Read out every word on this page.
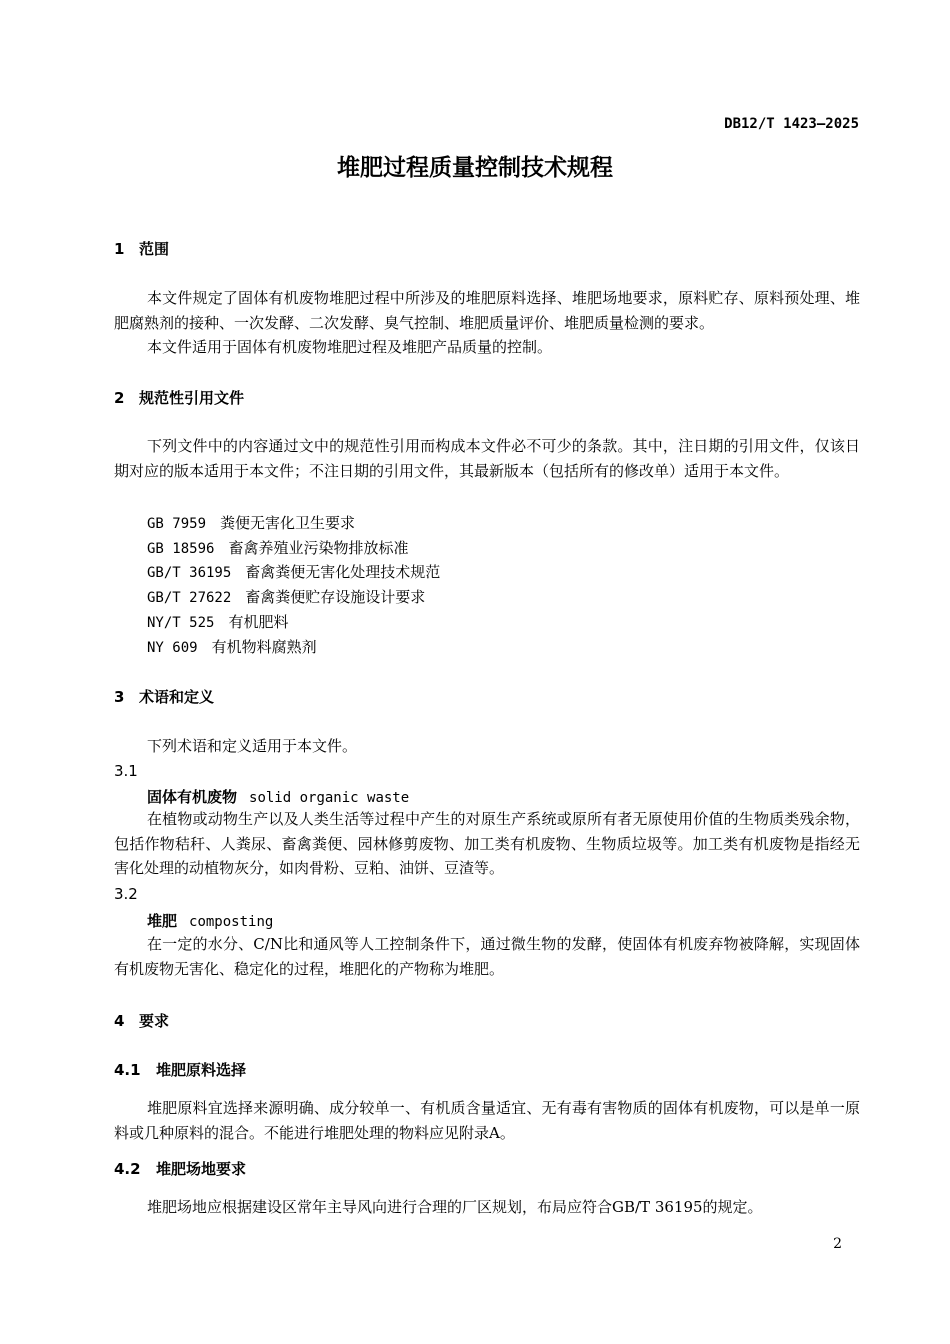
DB12/T 1423—2025
堆肥过程质量控制技术规程
1 范围
本文件规定了固体有机废物堆肥过程中所涉及的堆肥原料选择、堆肥场地要求，原料贮存、原料预处理、堆肥腐熟剂的接种、一次发酵、二次发酵、臭气控制、堆肥质量评价、堆肥质量检测的要求。
本文件适用于固体有机废物堆肥过程及堆肥产品质量的控制。
2 规范性引用文件
下列文件中的内容通过文中的规范性引用而构成本文件必不可少的条款。其中，注日期的引用文件，仅该日期对应的版本适用于本文件；不注日期的引用文件，其最新版本（包括所有的修改单）适用于本文件。
GB 7959 粪便无害化卫生要求
GB 18596 畜禽养殖业污染物排放标准
GB/T 36195 畜禽粪便无害化处理技术规范
GB/T 27622 畜禽粪便贮存设施设计要求
NY/T 525 有机肥料
NY 609 有机物料腐熟剂
3 术语和定义
下列术语和定义适用于本文件。
3.1
固体有机废物 solid organic waste
在植物或动物生产以及人类生活等过程中产生的对原生产系统或原所有者无原使用价值的生物质类残余物，包括作物秸秆、人粪尿、畜禽粪便、园林修剪废物、加工类有机废物、生物质垃圾等。加工类有机废物是指经无害化处理的动植物灰分，如肉骨粉、豆粕、油饼、豆渣等。
3.2
堆肥 composting
在一定的水分、C/N比和通风等人工控制条件下，通过微生物的发酵，使固体有机废弃物被降解，实现固体有机废物无害化、稳定化的过程，堆肥化的产物称为堆肥。
4 要求
4.1 堆肥原料选择
堆肥原料宜选择来源明确、成分较单一、有机质含量适宜、无有毒有害物质的固体有机废物，可以是单一原料或几种原料的混合。不能进行堆肥处理的物料应见附录A。
4.2 堆肥场地要求
堆肥场地应根据建设区常年主导风向进行合理的厂区规划，布局应符合GB/T 36195的规定。
2
